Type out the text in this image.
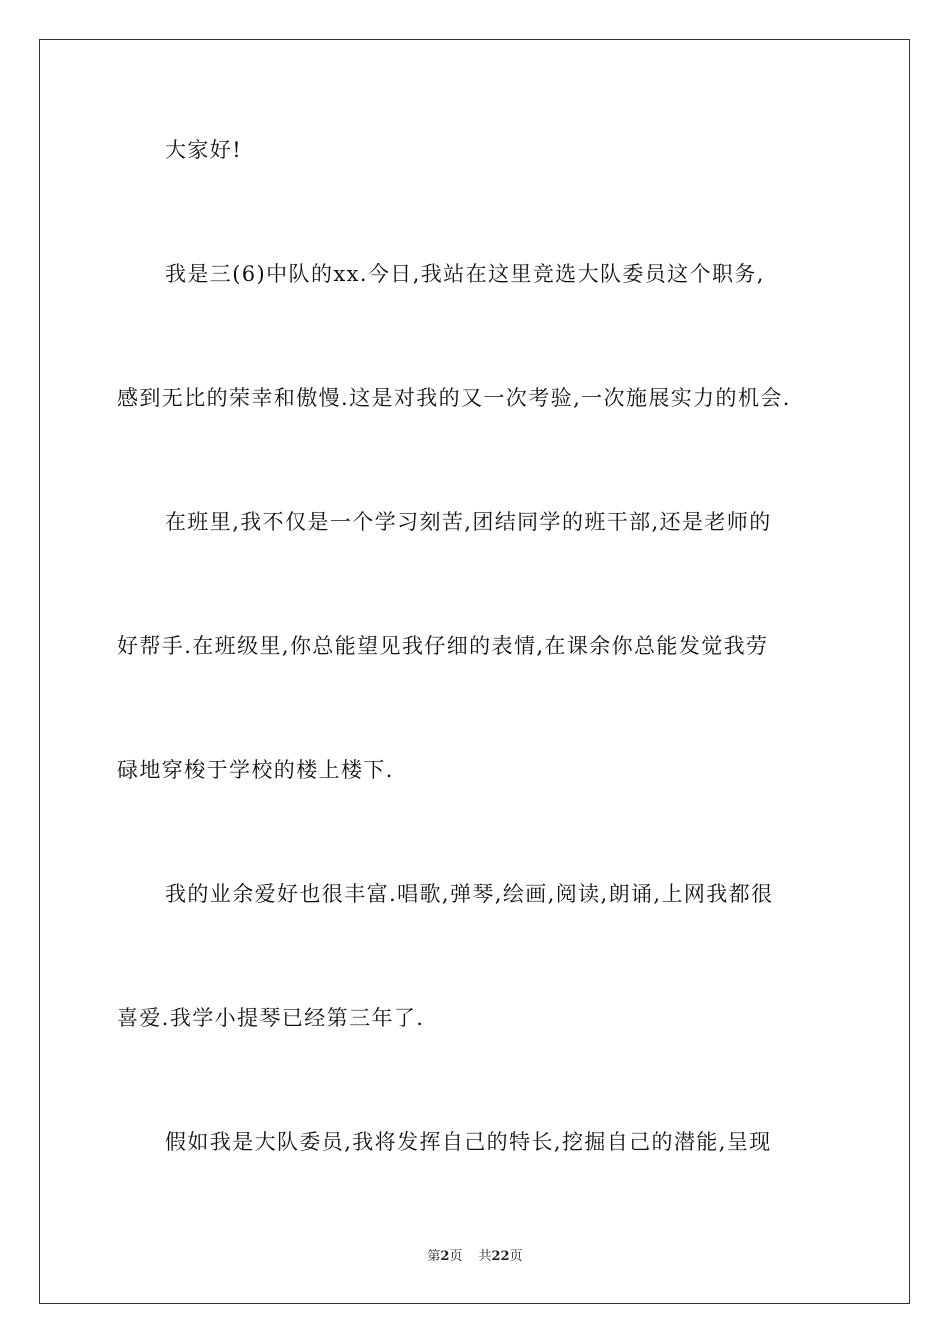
大家好!
我是三(6)中队的xx.今日,我站在这里竞选大队委员这个职务,
感到无比的荣幸和傲慢.这是对我的又一次考验,一次施展实力的机会.
在班里,我不仅是一个学习刻苦,团结同学的班干部,还是老师的
好帮手.在班级里,你总能望见我仔细的表情,在课余你总能发觉我劳
碌地穿梭于学校的楼上楼下.
我的业余爱好也很丰富.唱歌,弹琴,绘画,阅读,朗诵,上网我都很
喜爱.我学小提琴已经第三年了.
假如我是大队委员,我将发挥自己的特长,挖掘自己的潜能,呈现
第2页 共22页
